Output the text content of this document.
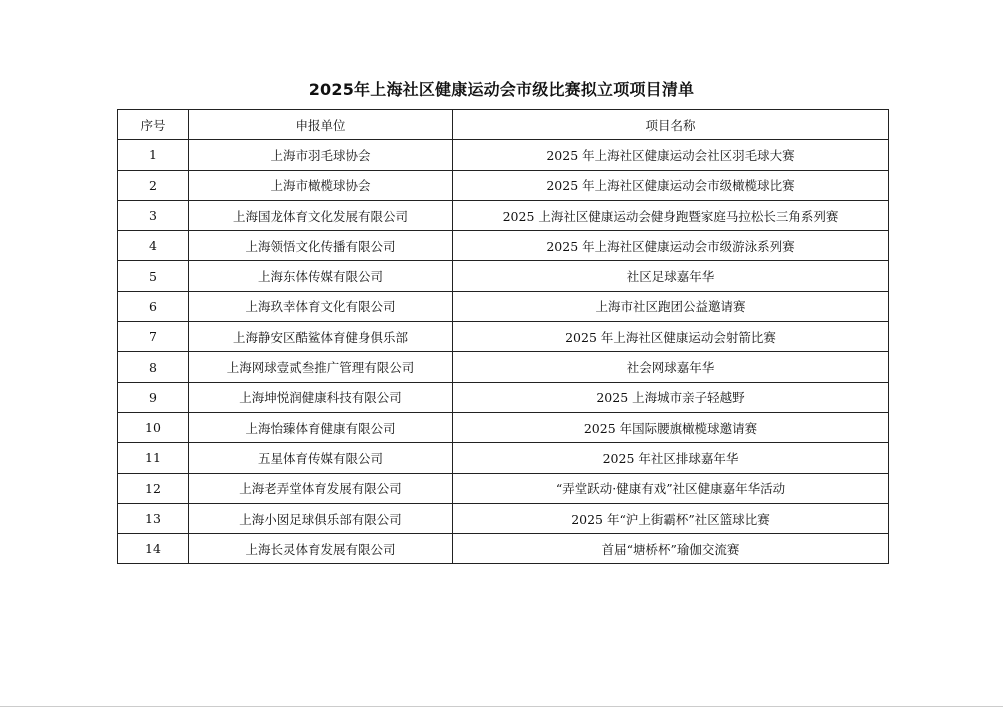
2025年上海社区健康运动会市级比赛拟立项项目清单
序号	申报单位	项目名称
1	上海市羽毛球协会	2025 年上海社区健康运动会社区羽毛球大赛
2	上海市橄榄球协会	2025 年上海社区健康运动会市级橄榄球比赛
3	上海国龙体育文化发展有限公司	2025 上海社区健康运动会健身跑暨家庭马拉松长三角系列赛
4	上海领悟文化传播有限公司	2025 年上海社区健康运动会市级游泳系列赛
5	上海东体传媒有限公司	社区足球嘉年华
6	上海玖幸体育文化有限公司	上海市社区跑团公益邀请赛
7	上海静安区酷鲨体育健身俱乐部	2025 年上海社区健康运动会射箭比赛
8	上海网球壹贰叁推广管理有限公司	社会网球嘉年华
9	上海坤悦润健康科技有限公司	2025 上海城市亲子轻越野
10	上海怡臻体育健康有限公司	2025 年国际腰旗橄榄球邀请赛
11	五星体育传媒有限公司	2025 年社区排球嘉年华
12	上海老弄堂体育发展有限公司	“弄堂跃动·健康有戏”社区健康嘉年华活动
13	上海小囡足球俱乐部有限公司	2025 年“沪上街霸杯”社区篮球比赛
14	上海长灵体育发展有限公司	首届“塘桥杯”瑜伽交流赛
